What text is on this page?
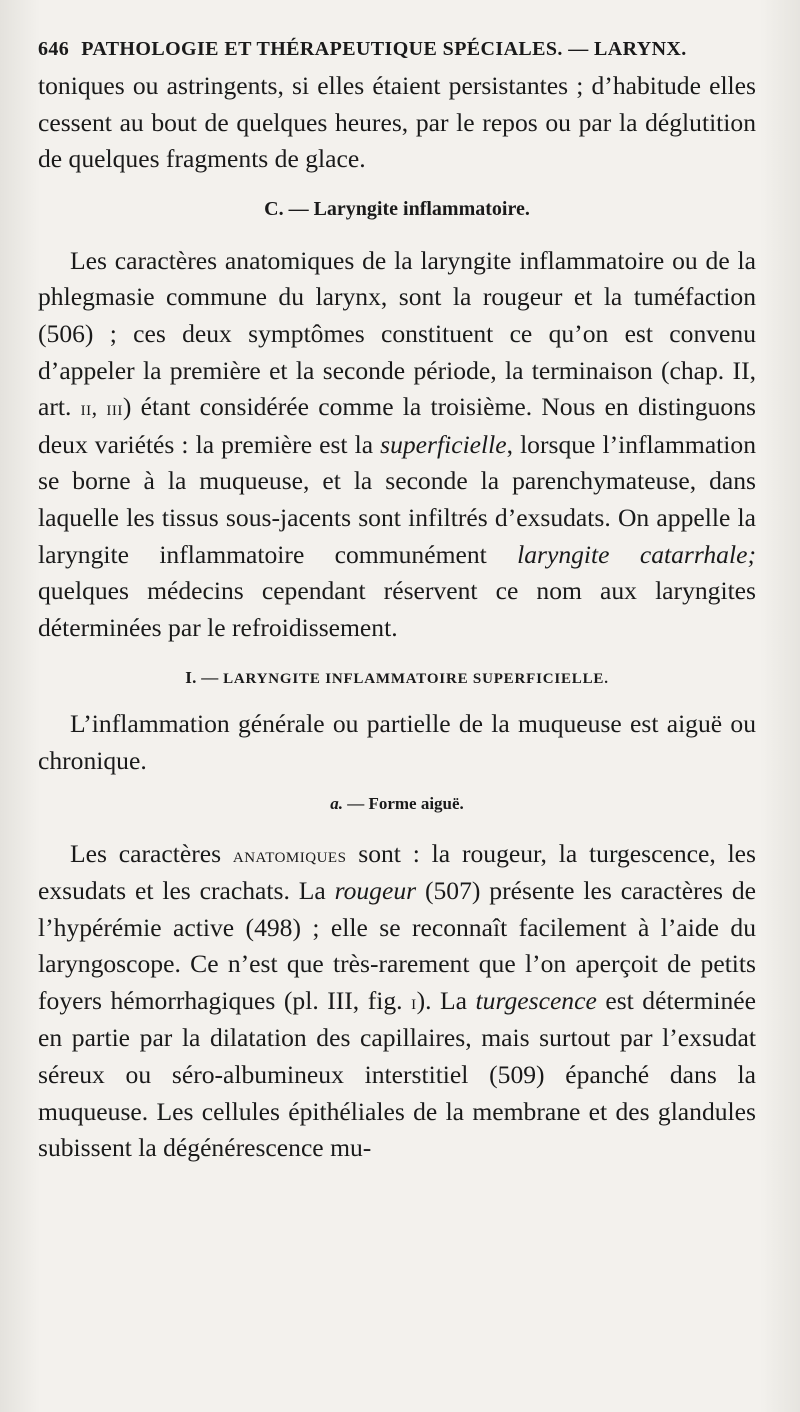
646 PATHOLOGIE ET THÉRAPEUTIQUE SPÉCIALES. — LARYNX.

toniques ou astringents, si elles étaient persistantes ; d’habitude elles cessent au bout de quelques heures, par le repos ou par la déglutition de quelques fragments de glace.

C. — Laryngite inflammatoire.

Les caractères anatomiques de la laryngite inflammatoire ou de la phlegmasie commune du larynx, sont la rougeur et la tuméfaction (506) ; ces deux symptômes constituent ce qu’on est convenu d’appeler la première et la seconde période, la terminaison (chap. II, art. ii, iii) étant considérée comme la troisième. Nous en distinguons deux variétés : la première est la superficielle, lorsque l’inflammation se borne à la muqueuse, et la seconde la parenchymateuse, dans laquelle les tissus sous-jacents sont infiltrés d’exsudats. On appelle la laryngite inflammatoire communément laryngite catarrhale; quelques médecins cependant réservent ce nom aux laryngites déterminées par le refroidissement.

I. — LARYNGITE INFLAMMATOIRE SUPERFICIELLE.

L’inflammation générale ou partielle de la muqueuse est aiguë ou chronique.

a. — Forme aiguë.

Les caractères anatomiques sont : la rougeur, la turgescence, les exsudats et les crachats. La rougeur (507) présente les caractères de l’hypérémie active (498) ; elle se reconnaît facilement à l’aide du laryngoscope. Ce n’est que très-rarement que l’on aperçoit de petits foyers hémorrhagiques (pl. III, fig. i). La turgescence est déterminée en partie par la dilatation des capillaires, mais surtout par l’exsudat séreux ou séro-albumineux interstitiel (509) épanché dans la muqueuse. Les cellules épithéliales de la membrane et des glandules subissent la dégénérescence mu-
